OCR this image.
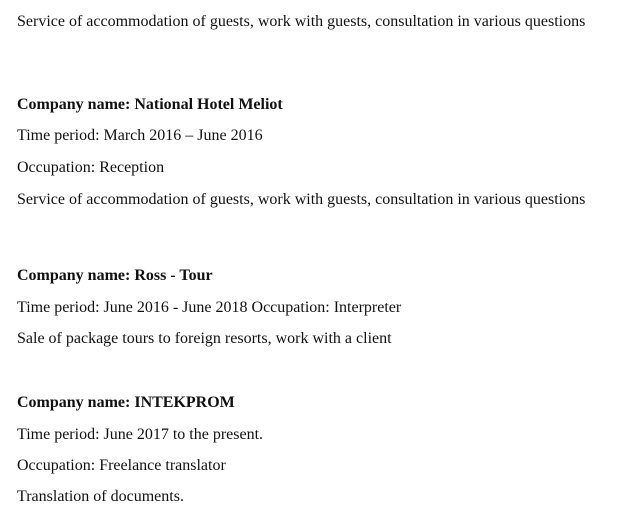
Service of accommodation of guests, work with guests, consultation in various questions
Company name: National Hotel Meliot
Time period: March 2016 – June 2016
Occupation: Reception
Service of accommodation of guests, work with guests, consultation in various questions
Company name: Ross - Tour
Time period: June 2016 - June 2018 Occupation: Interpreter
Sale of package tours to foreign resorts, work with a client
Company name: INTEKPROM
Time period: June 2017 to the present.
Occupation: Freelance translator
Translation of documents.
